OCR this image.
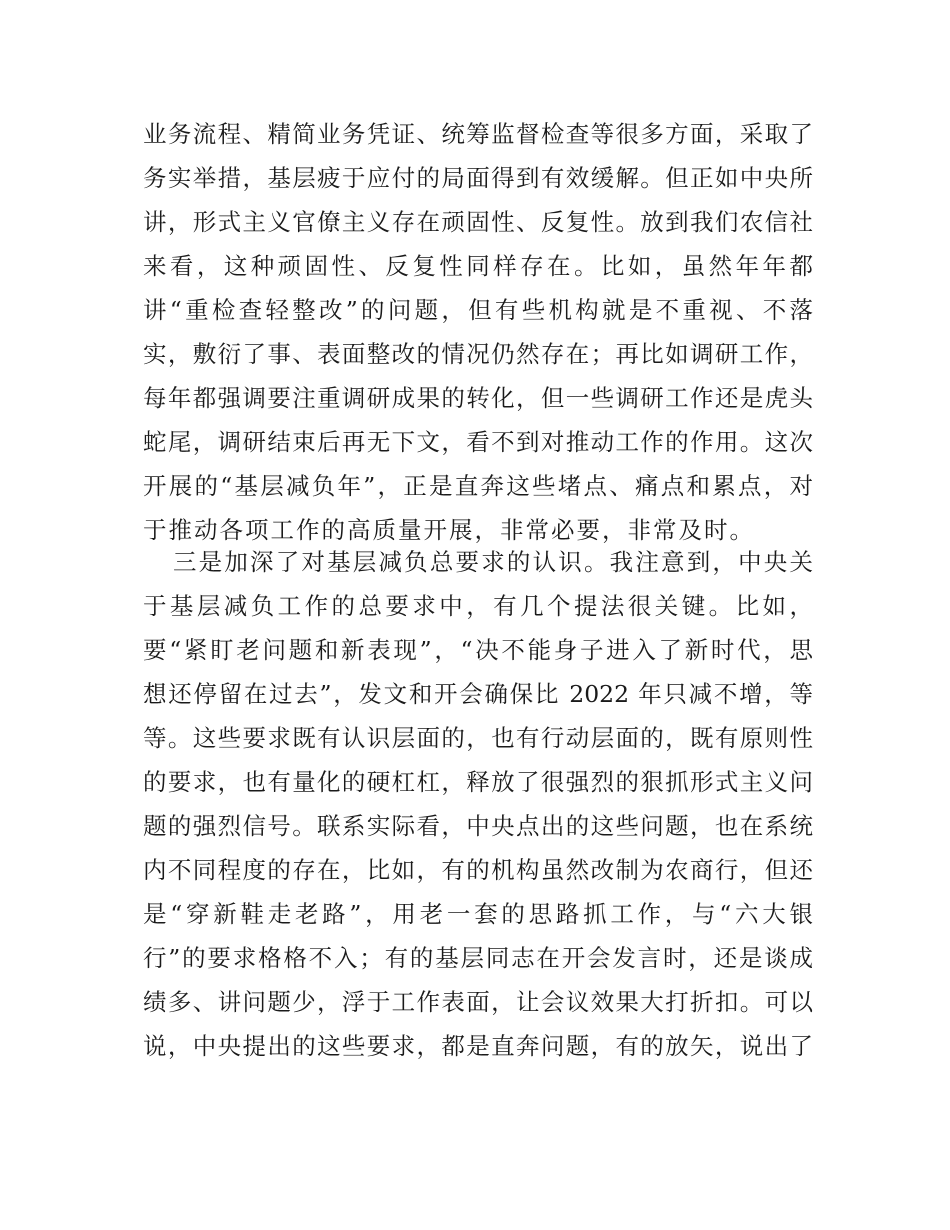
业务流程、精简业务凭证、统筹监督检查等很多方面，采取了
务实举措，基层疲于应付的局面得到有效缓解。但正如中央所
讲，形式主义官僚主义存在顽固性、反复性。放到我们农信社
来看，这种顽固性、反复性同样存在。比如，虽然年年都
讲“重检查轻整改”的问题，但有些机构就是不重视、不落
实，敷衍了事、表面整改的情况仍然存在；再比如调研工作，
每年都强调要注重调研成果的转化，但一些调研工作还是虎头
蛇尾，调研结束后再无下文，看不到对推动工作的作用。这次
开展的“基层减负年”，正是直奔这些堵点、痛点和累点，对
于推动各项工作的高质量开展，非常必要，非常及时。
三是加深了对基层减负总要求的认识。我注意到，中央关
于基层减负工作的总要求中，有几个提法很关键。比如，
要“紧盯老问题和新表现”，“决不能身子进入了新时代，思
想还停留在过去”，发文和开会确保比 2022 年只减不增，等
等。这些要求既有认识层面的，也有行动层面的，既有原则性
的要求，也有量化的硬杠杠，释放了很强烈的狠抓形式主义问
题的强烈信号。联系实际看，中央点出的这些问题，也在系统
内不同程度的存在，比如，有的机构虽然改制为农商行，但还
是“穿新鞋走老路”，用老一套的思路抓工作，与“六大银
行”的要求格格不入；有的基层同志在开会发言时，还是谈成
绩多、讲问题少，浮于工作表面，让会议效果大打折扣。可以
说，中央提出的这些要求，都是直奔问题，有的放矢，说出了
